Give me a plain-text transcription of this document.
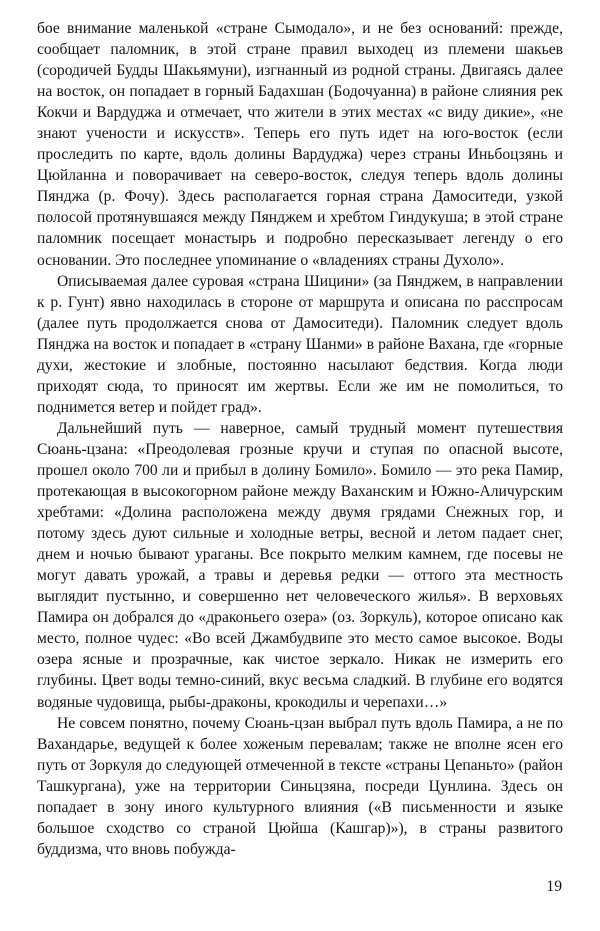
бое внимание маленькой «стране Сымодало», и не без оснований: прежде, сообщает паломник, в этой стране правил выходец из племени шакьев (сородичей Будды Шакьямуни), изгнанный из родной страны. Двигаясь далее на восток, он попадает в горный Бадахшан (Бодочуанна) в районе слияния рек Кокчи и Вардуджа и отмечает, что жители в этих местах «с виду дикие», «не знают учености и искусств». Теперь его путь идет на юго-восток (если проследить по карте, вдоль долины Вардуджа) через страны Иньбоцзянь и Цюйланна и поворачивает на северо-восток, следуя теперь вдоль долины Пянджа (р. Фочу). Здесь располагается горная страна Дамоситеди, узкой полосой протянувшаяся между Пянджем и хребтом Гиндукуша; в этой стране паломник посещает монастырь и подробно пересказывает легенду о его основании. Это последнее упоминание о «владениях страны Духоло».

Описываемая далее суровая «страна Шицини» (за Пянджем, в направлении к р. Гунт) явно находилась в стороне от маршрута и описана по расспросам (далее путь продолжается снова от Дамоситеди). Паломник следует вдоль Пянджа на восток и попадает в «страну Шанми» в районе Вахана, где «горные духи, жестокие и злобные, постоянно насылают бедствия. Когда люди приходят сюда, то приносят им жертвы. Если же им не помолиться, то поднимется ветер и пойдет град».

Дальнейший путь — наверное, самый трудный момент путешествия Сюань-цзана: «Преодолевая грозные кручи и ступая по опасной высоте, прошел около 700 ли и прибыл в долину Бомило». Бомило — это река Памир, протекающая в высокогорном районе между Ваханским и Южно-Аличурским хребтами: «Долина расположена между двумя грядами Снежных гор, и потому здесь дуют сильные и холодные ветры, весной и летом падает снег, днем и ночью бывают ураганы. Все покрыто мелким камнем, где посевы не могут давать урожай, а травы и деревья редки — оттого эта местность выглядит пустынно, и совершенно нет человеческого жилья». В верховьях Памира он добрался до «драконьего озера» (оз. Зоркуль), которое описано как место, полное чудес: «Во всей Джамбудвипе это место самое высокое. Воды озера ясные и прозрачные, как чистое зеркало. Никак не измерить его глубины. Цвет воды темно-синий, вкус весьма сладкий. В глубине его водятся водяные чудовища, рыбы-драконы, крокодилы и черепахи…»

Не совсем понятно, почему Сюань-цзан выбрал путь вдоль Памира, а не по Вахандарье, ведущей к более хоженым перевалам; также не вполне ясен его путь от Зоркуля до следующей отмеченной в тексте «страны Цепаньто» (район Ташкургана), уже на территории Синьцзяна, посреди Цунлина. Здесь он попадает в зону иного культурного влияния («В письменности и языке большое сходство со страной Цюйша (Кашгар)»), в страны развитого буддизма, что вновь побужда-

19
